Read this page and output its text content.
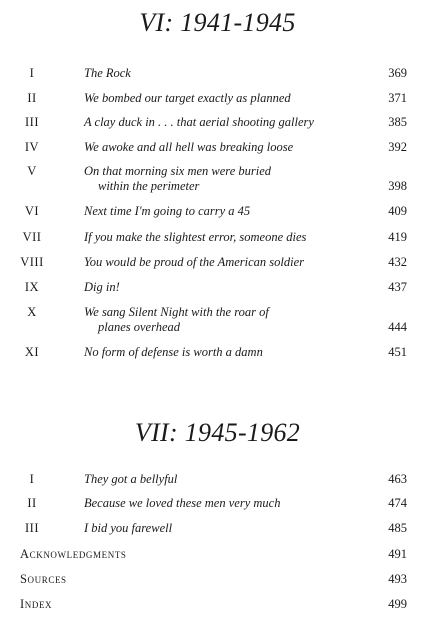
VI: 1941-1945
I	The Rock	369
II	We bombed our target exactly as planned	371
III	A clay duck in . . . that aerial shooting gallery	385
IV	We awoke and all hell was breaking loose	392
V	On that morning six men were buried
within the perimeter	398
VI	Next time I'm going to carry a 45	409
VII	If you make the slightest error, someone dies	419
VIII	You would be proud of the American soldier	432
IX	Dig in!	437
X	We sang Silent Night with the roar of
planes overhead	444
XI	No form of defense is worth a damn	451
VII: 1945-1962
I	They got a bellyful	463
II	Because we loved these men very much	474
III	I bid you farewell	485
Acknowledgments	491
Sources	493
Index	499
